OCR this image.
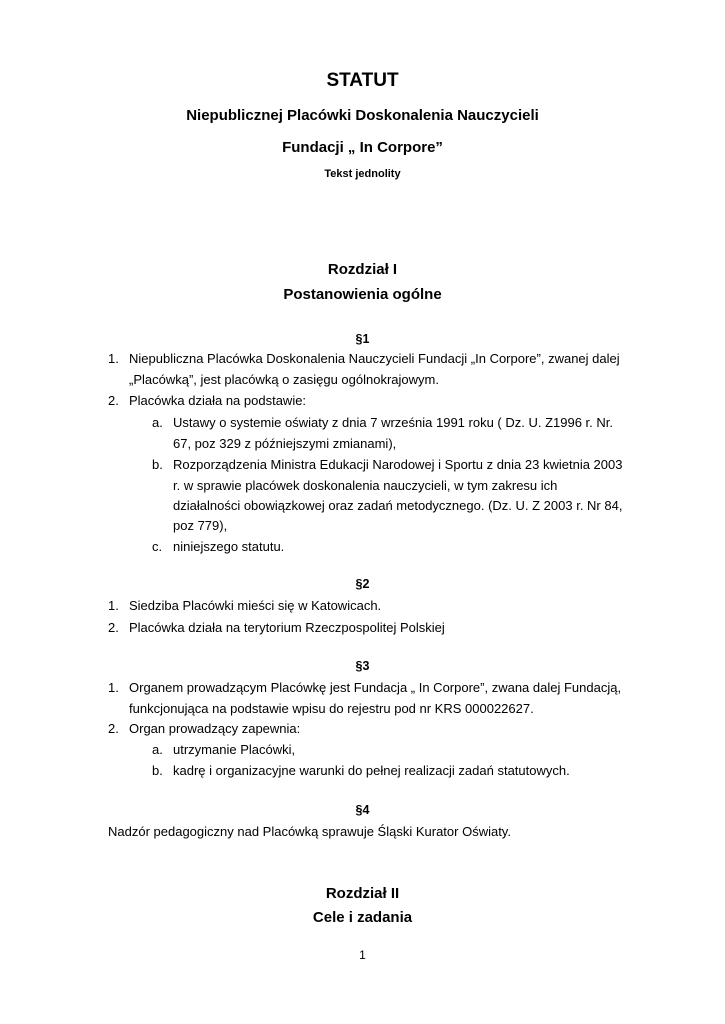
STATUT
Niepublicznej Placówki Doskonalenia Nauczycieli
Fundacji „ In Corpore”
Tekst jednolity
Rozdział I
Postanowienia ogólne
§1
1. Niepubliczna Placówka Doskonalenia Nauczycieli Fundacji „In Corpore”, zwanej dalej
„Placówką”, jest placówką o zasięgu ogólnokrajowym.
2. Placówka działa na podstawie:
a. Ustawy o systemie oświaty z dnia 7 września 1991 roku ( Dz. U. Z1996 r. Nr.
67, poz 329 z późniejszymi zmianami),
b. Rozporządzenia Ministra Edukacji Narodowej i Sportu z dnia 23 kwietnia 2003
r. w sprawie placówek doskonalenia nauczycieli, w tym zakresu ich
działalności obowiązkowej oraz zadań metodycznego. (Dz. U. Z 2003 r. Nr 84,
poz 779),
c. niniejszego statutu.
§2
1. Siedziba Placówki mieści się w Katowicach.
2. Placówka działa na terytorium Rzeczpospolitej Polskiej
§3
1. Organem prowadzącym Placówkę jest Fundacja „ In Corpore”, zwana dalej Fundacją,
funkcjonująca na podstawie wpisu do rejestru pod nr KRS 000022627.
2. Organ prowadzący zapewnia:
a. utrzymanie Placówki,
b. kadrę i organizacyjne warunki do pełnej realizacji zadań statutowych.
§4
Nadzór pedagogiczny nad Placówką sprawuje Śląski Kurator Oświaty.
Rozdział II
Cele i zadania
1
